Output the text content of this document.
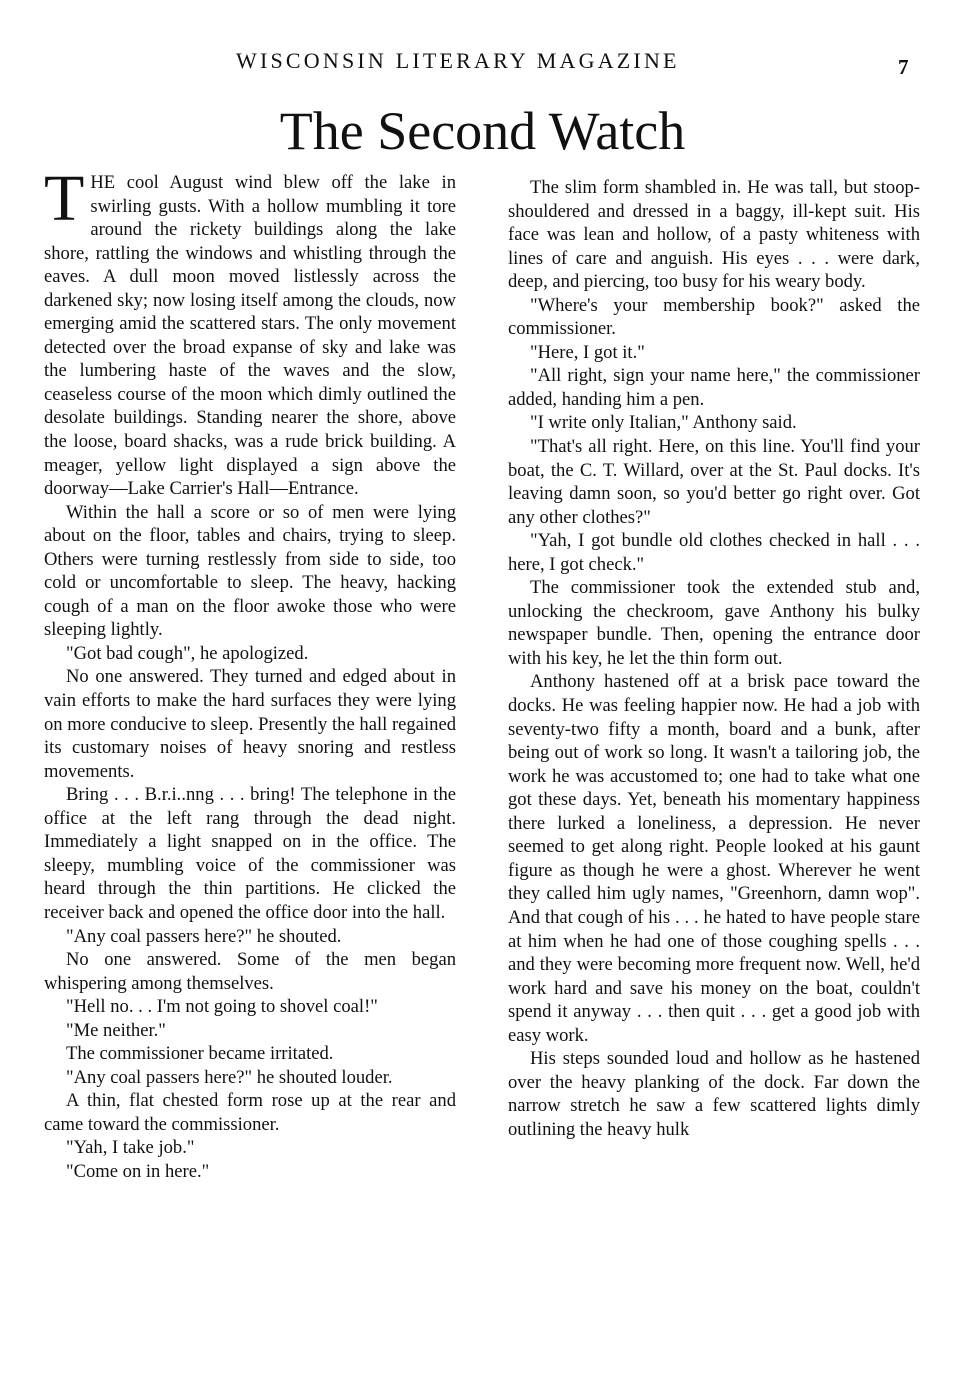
WISCONSIN LITERARY MAGAZINE	7
The Second Watch

THE cool August wind blew off the lake in swirling gusts. With a hollow mumbling it tore around the rickety buildings along the lake shore, rattling the windows and whistling through the eaves. A dull moon moved listlessly across the darkened sky; now losing itself among the clouds, now emerging amid the scattered stars. The only movement detected over the broad expanse of sky and lake was the lumbering haste of the waves and the slow, ceaseless course of the moon which dimly outlined the desolate buildings. Standing nearer the shore, above the loose, board shacks, was a rude brick building. A meager, yellow light displayed a sign above the doorway—Lake Carrier's Hall—Entrance.

Within the hall a score or so of men were lying about on the floor, tables and chairs, trying to sleep. Others were turning restlessly from side to side, too cold or uncomfortable to sleep. The heavy, hacking cough of a man on the floor awoke those who were sleeping lightly.

"Got bad cough", he apologized.

No one answered. They turned and edged about in vain efforts to make the hard surfaces they were lying on more conducive to sleep. Presently the hall regained its customary noises of heavy snoring and restless movements.

Bring . . . B.r.i..nng . . . bring! The telephone in the office at the left rang through the dead night. Immediately a light snapped on in the office. The sleepy, mumbling voice of the commissioner was heard through the thin partitions. He clicked the receiver back and opened the office door into the hall.

"Any coal passers here?" he shouted.

No one answered. Some of the men began whispering among themselves.

"Hell no. . . I'm not going to shovel coal!"

"Me neither."

The commissioner became irritated.

"Any coal passers here?" he shouted louder.

A thin, flat chested form rose up at the rear and came toward the commissioner.

"Yah, I take job."

"Come on in here."

The slim form shambled in. He was tall, but stoop-shouldered and dressed in a baggy, ill-kept suit. His face was lean and hollow, of a pasty whiteness with lines of care and anguish. His eyes . . . were dark, deep, and piercing, too busy for his weary body.

"Where's your membership book?" asked the commissioner.

"Here, I got it."

"All right, sign your name here," the commissioner added, handing him a pen.

"I write only Italian," Anthony said.

"That's all right. Here, on this line. You'll find your boat, the C. T. Willard, over at the St. Paul docks. It's leaving damn soon, so you'd better go right over. Got any other clothes?"

"Yah, I got bundle old clothes checked in hall . . . here, I got check."

The commissioner took the extended stub and, unlocking the checkroom, gave Anthony his bulky newspaper bundle. Then, opening the entrance door with his key, he let the thin form out.

Anthony hastened off at a brisk pace toward the docks. He was feeling happier now. He had a job with seventy-two fifty a month, board and a bunk, after being out of work so long. It wasn't a tailoring job, the work he was accustomed to; one had to take what one got these days. Yet, beneath his momentary happiness there lurked a loneliness, a depression. He never seemed to get along right. People looked at his gaunt figure as though he were a ghost. Wherever he went they called him ugly names, "Greenhorn, damn wop". And that cough of his . . . he hated to have people stare at him when he had one of those coughing spells . . . and they were becoming more frequent now. Well, he'd work hard and save his money on the boat, couldn't spend it anyway . . . then quit . . . get a good job with easy work.

His steps sounded loud and hollow as he hastened over the heavy planking of the dock. Far down the narrow stretch he saw a few scattered lights dimly outlining the heavy hulk
